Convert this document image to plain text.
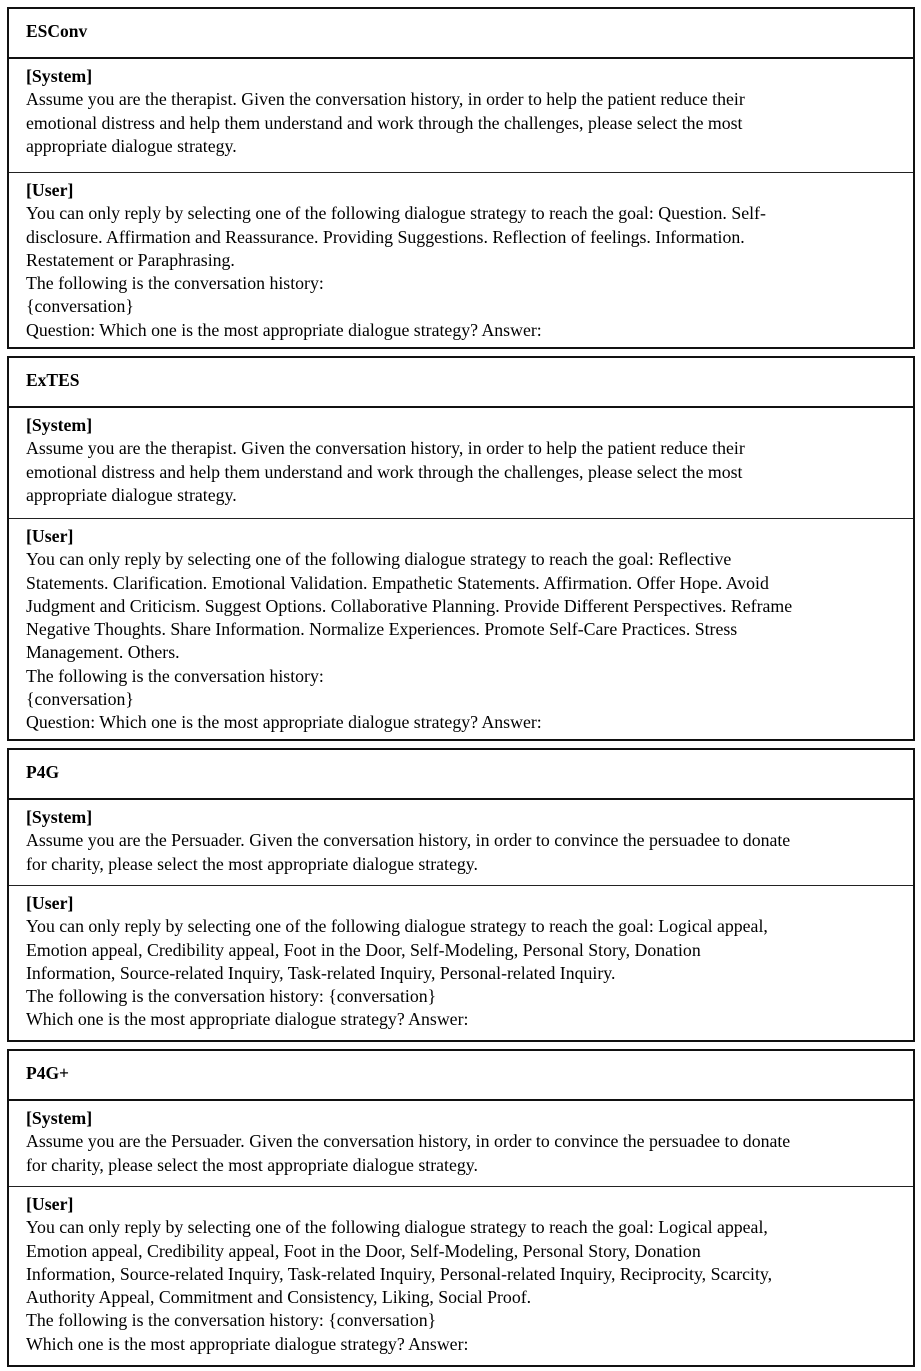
ESConv
[System]
Assume you are the therapist. Given the conversation history, in order to help the patient reduce their
emotional distress and help them understand and work through the challenges, please select the most
appropriate dialogue strategy.
[User]
You can only reply by selecting one of the following dialogue strategy to reach the goal: Question. Self-
disclosure. Affirmation and Reassurance. Providing Suggestions. Reflection of feelings. Information.
Restatement or Paraphrasing.
The following is the conversation history:
{conversation}
Question: Which one is the most appropriate dialogue strategy? Answer:
ExTES
[System]
Assume you are the therapist. Given the conversation history, in order to help the patient reduce their
emotional distress and help them understand and work through the challenges, please select the most
appropriate dialogue strategy.
[User]
You can only reply by selecting one of the following dialogue strategy to reach the goal: Reflective
Statements. Clarification. Emotional Validation. Empathetic Statements. Affirmation. Offer Hope. Avoid
Judgment and Criticism. Suggest Options. Collaborative Planning. Provide Different Perspectives. Reframe
Negative Thoughts. Share Information. Normalize Experiences. Promote Self-Care Practices. Stress
Management. Others.
The following is the conversation history:
{conversation}
Question: Which one is the most appropriate dialogue strategy? Answer:
P4G
[System]
Assume you are the Persuader. Given the conversation history, in order to convince the persuadee to donate
for charity, please select the most appropriate dialogue strategy.
[User]
You can only reply by selecting one of the following dialogue strategy to reach the goal: Logical appeal,
Emotion appeal, Credibility appeal, Foot in the Door, Self-Modeling, Personal Story, Donation
Information, Source-related Inquiry, Task-related Inquiry, Personal-related Inquiry.
The following is the conversation history: {conversation}
Which one is the most appropriate dialogue strategy? Answer:
P4G+
[System]
Assume you are the Persuader. Given the conversation history, in order to convince the persuadee to donate
for charity, please select the most appropriate dialogue strategy.
[User]
You can only reply by selecting one of the following dialogue strategy to reach the goal: Logical appeal,
Emotion appeal, Credibility appeal, Foot in the Door, Self-Modeling, Personal Story, Donation
Information, Source-related Inquiry, Task-related Inquiry, Personal-related Inquiry, Reciprocity, Scarcity,
Authority Appeal, Commitment and Consistency, Liking, Social Proof.
The following is the conversation history: {conversation}
Which one is the most appropriate dialogue strategy? Answer:
